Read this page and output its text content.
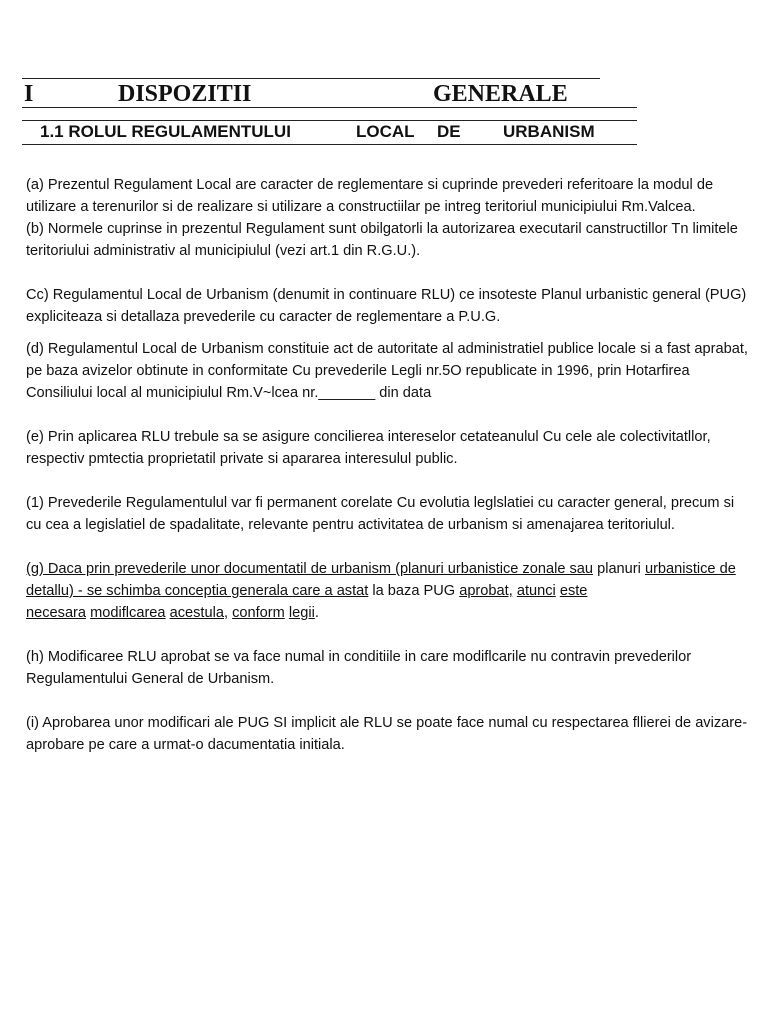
I	DISPOZITII	GENERALE
1.1 ROLUL REGULAMENTULUI	LOCAL DE URBANISM

(a) Prezentul Regulament Local are caracter de reglementare si cuprinde prevederi referitoare la modul de utilizare a terenurilor si de realizare si utilizare a constructiilar pe intreg teritoriul municipiului Rm.Valcea.

(b) Normele cuprinse in prezentul Regulament sunt obilgatorli la autorizarea executaril canstructillor Tn limitele teritoriului administrativ al municipiulul (vezi art.1 din R.G.U.).

Cc) Regulamentul Local de Urbanism (denumit in continuare RLU) ce insoteste Planul urbanistic general (PUG) expliciteaza si detallaza prevederile cu caracter de reglementare a P.U.G.

(d) Regulamentul Local de Urbanism constituie act de autoritate al administratiel publice locale si a fast aprabat, pe baza avizelor obtinute in conformitate Cu prevederile Legli nr.5O republicate in 1996, prin Hotarfirea Consiliului local al municipiulul Rm.V~lcea nr._______ din data

(e) Prin aplicarea RLU trebule sa se asigure concilierea intereselor cetateanulul Cu cele ale colectivitatllor, respectiv pmtectia proprietatil private si apararea interesulul public.

(1) Prevederile Regulamentulul var fi permanent corelate Cu evolutia leglslatiei cu caracter general, precum si cu cea a legislatiel de spadalitate, relevante pentru activitatea de urbanism si amenajarea teritoriulul.

(g) Daca prin prevederile unor documentatil de urbanism (planuri urbanistice zonale sau planuri urbanistice de detallu) - se schimba conceptia generala care a astat la baza PUG aprobat, atunci este
necesara modiflcarea acestula, conform legii.

(h) Modificaree RLU aprobat se va face numal in conditiile in care modiflcarile nu contravin prevederilor Regulamentului General de Urbanism.

(i) Aprobarea unor modificari ale PUG SI implicit ale RLU se poate face numal cu respectarea fllierei de avizare-aprobare pe care a urmat-o dacumentatia initiala.
